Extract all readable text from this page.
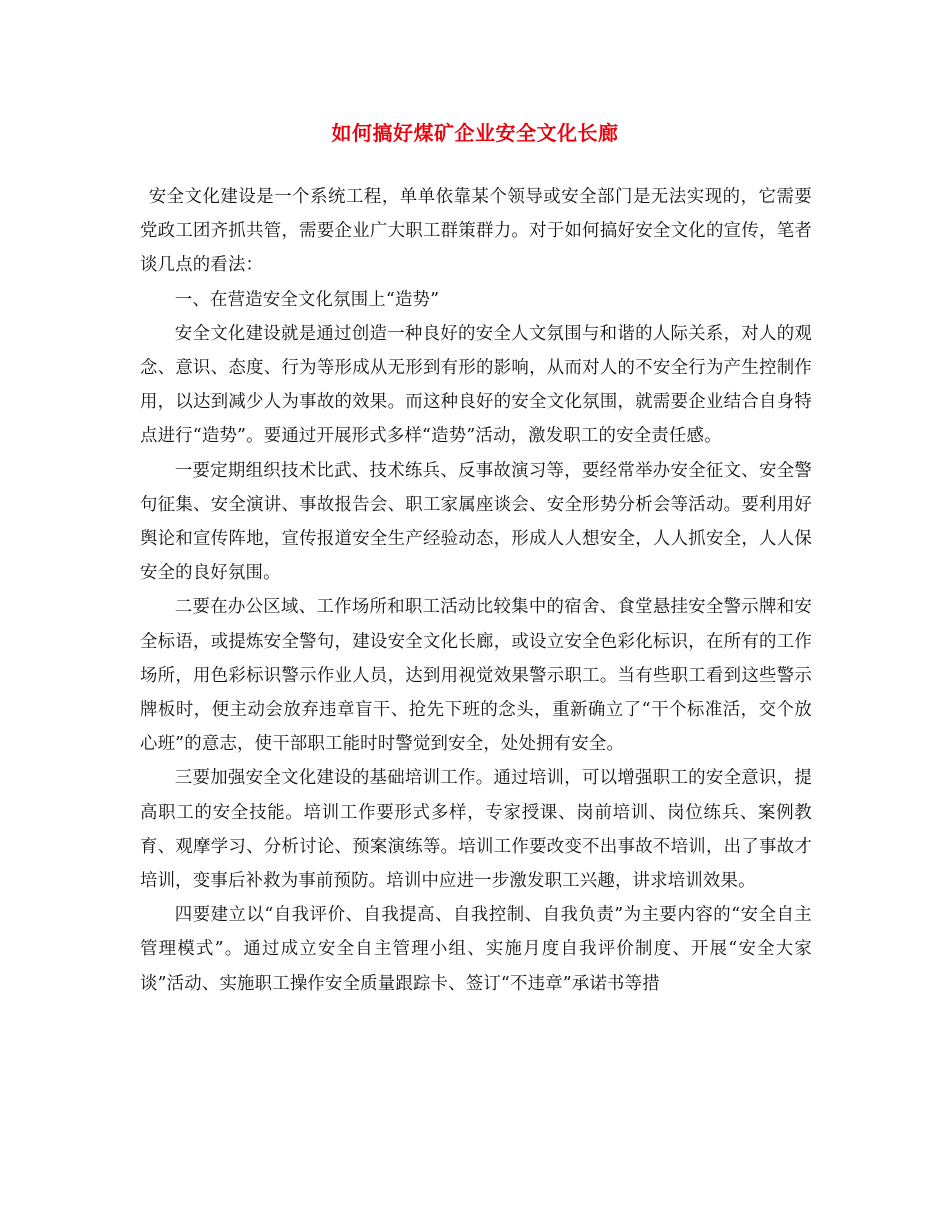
如何搞好煤矿企业安全文化长廊

安全文化建设是一个系统工程，单单依靠某个领导或安全部门是无法实现的，它需要党政工团齐抓共管，需要企业广大职工群策群力。对于如何搞好安全文化的宣传，笔者谈几点的看法：

一、在营造安全文化氛围上“造势”

安全文化建设就是通过创造一种良好的安全人文氛围与和谐的人际关系，对人的观念、意识、态度、行为等形成从无形到有形的影响，从而对人的不安全行为产生控制作用，以达到减少人为事故的效果。而这种良好的安全文化氛围，就需要企业结合自身特点进行“造势”。要通过开展形式多样“造势”活动，激发职工的安全责任感。

一要定期组织技术比武、技术练兵、反事故演习等，要经常举办安全征文、安全警句征集、安全演讲、事故报告会、职工家属座谈会、安全形势分析会等活动。要利用好舆论和宣传阵地，宣传报道安全生产经验动态，形成人人想安全，人人抓安全，人人保安全的良好氛围。

二要在办公区域、工作场所和职工活动比较集中的宿舍、食堂悬挂安全警示牌和安全标语，或提炼安全警句，建设安全文化长廊，或设立安全色彩化标识，在所有的工作场所，用色彩标识警示作业人员，达到用视觉效果警示职工。当有些职工看到这些警示牌板时，便主动会放弃违章盲干、抢先下班的念头，重新确立了“干个标准活，交个放心班”的意志，使干部职工能时时警觉到安全，处处拥有安全。

三要加强安全文化建设的基础培训工作。通过培训，可以增强职工的安全意识，提高职工的安全技能。培训工作要形式多样，专家授课、岗前培训、岗位练兵、案例教育、观摩学习、分析讨论、预案演练等。培训工作要改变不出事故不培训，出了事故才培训，变事后补救为事前预防。培训中应进一步激发职工兴趣，讲求培训效果。

四要建立以“自我评价、自我提高、自我控制、自我负责”为主要内容的“安全自主管理模式”。通过成立安全自主管理小组、实施月度自我评价制度、开展“安全大家谈”活动、实施职工操作安全质量跟踪卡、签订“不违章”承诺书等措
